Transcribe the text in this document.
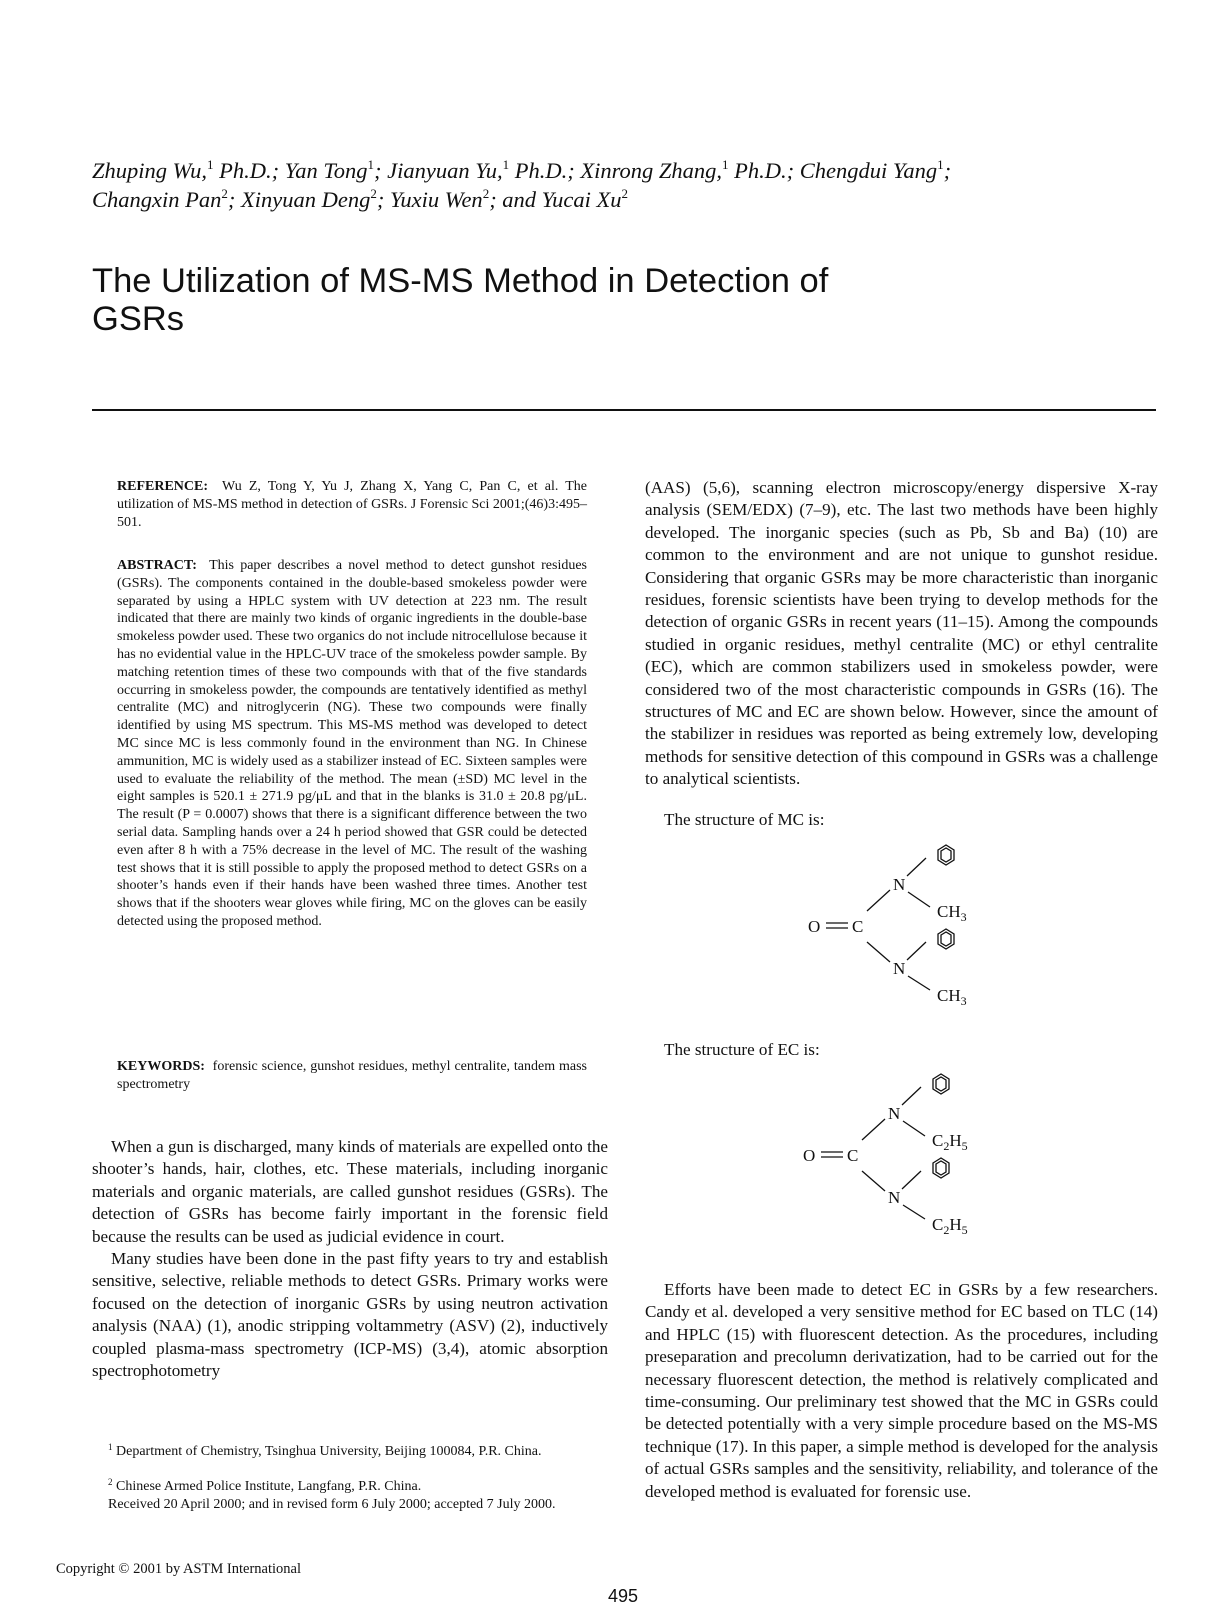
Zhuping Wu,$^1$ Ph.D.; Yan Tong$^1$; Jianyuan Yu,$^1$ Ph.D.; Xinrong Zhang,$^1$ Ph.D.; Chengdui Yang$^1$;
Changxin Pan$^2$; Xinyuan Deng$^2$; Yuxiu Wen$^2$; and Yucai Xu$^2$
The Utilization of MS-MS Method in Detection of
GSRs
REFERENCE: Wu Z, Tong Y, Yu J, Zhang X, Yang C, Pan C, et al. The utilization of MS-MS method in detection of GSRs. J Forensic Sci 2001;(46)3:495–501.
ABSTRACT: This paper describes a novel method to detect gunshot residues (GSRs). The components contained in the double-based smokeless powder were separated by using a HPLC system with UV detection at 223 nm. The result indicated that there are mainly two kinds of organic ingredients in the double-base smokeless powder used. These two organics do not include nitrocellulose because it has no evidential value in the HPLC-UV trace of the smokeless powder sample. By matching retention times of these two compounds with that of the five standards occurring in smokeless powder, the compounds are tentatively identified as methyl centralite (MC) and nitroglycerin (NG). These two compounds were finally identified by using MS spectrum. This MS-MS method was developed to detect MC since MC is less commonly found in the environment than NG. In Chinese ammunition, MC is widely used as a stabilizer instead of EC. Sixteen samples were used to evaluate the reliability of the method. The mean (±SD) MC level in the eight samples is 520.1 ± 271.9 pg/μL and that in the blanks is 31.0 ± 20.8 pg/μL. The result (P = 0.0007) shows that there is a significant difference between the two serial data. Sampling hands over a 24 h period showed that GSR could be detected even after 8 h with a 75% decrease in the level of MC. The result of the washing test shows that it is still possible to apply the proposed method to detect GSRs on a shooter’s hands even if their hands have been washed three times. Another test shows that if the shooters wear gloves while firing, MC on the gloves can be easily detected using the proposed method.
KEYWORDS: forensic science, gunshot residues, methyl centralite, tandem mass spectrometry

When a gun is discharged, many kinds of materials are expelled onto the shooter’s hands, hair, clothes, etc. These materials, including inorganic materials and organic materials, are called gunshot residues (GSRs). The detection of GSRs has become fairly important in the forensic field because the results can be used as judicial evidence in court.

Many studies have been done in the past fifty years to try and establish sensitive, selective, reliable methods to detect GSRs. Primary works were focused on the detection of inorganic GSRs by using neutron activation analysis (NAA) (1), anodic stripping voltammetry (ASV) (2), inductively coupled plasma-mass spectrometry (ICP-MS) (3,4), atomic absorption spectrophotometry

(AAS) (5,6), scanning electron microscopy/energy dispersive X-ray analysis (SEM/EDX) (7–9), etc. The last two methods have been highly developed. The inorganic species (such as Pb, Sb and Ba) (10) are common to the environment and are not unique to gunshot residue. Considering that organic GSRs may be more characteristic than inorganic residues, forensic scientists have been trying to develop methods for the detection of organic GSRs in recent years (11–15). Among the compounds studied in organic residues, methyl centralite (MC) or ethyl centralite (EC), which are common stabilizers used in smokeless powder, were considered two of the most characteristic compounds in GSRs (16). The structures of MC and EC are shown below. However, since the amount of the stabilizer in residues was reported as being extremely low, developing methods for sensitive detection of this compound in GSRs was a challenge to analytical scientists.

The structure of MC is:
O C
N
N
$CH_3$
$CH_3$
The structure of EC is:
O C
N
N
$C_2H_5$
$C_2H_5$

Efforts have been made to detect EC in GSRs by a few researchers. Candy et al. developed a very sensitive method for EC based on TLC (14) and HPLC (15) with fluorescent detection. As the procedures, including preseparation and precolumn derivatization, had to be carried out for the necessary fluorescent detection, the method is relatively complicated and time-consuming. Our preliminary test showed that the MC in GSRs could be detected potentially with a very simple procedure based on the MS-MS technique (17). In this paper, a simple method is developed for the analysis of actual GSRs samples and the sensitivity, reliability, and tolerance of the developed method is evaluated for forensic use.

$^1$ Department of Chemistry, Tsinghua University, Beijing 100084, P.R. China.
$^2$ Chinese Armed Police Institute, Langfang, P.R. China.
Received 20 April 2000; and in revised form 6 July 2000; accepted 7 July 2000.
Copyright © 2001 by ASTM International
495
